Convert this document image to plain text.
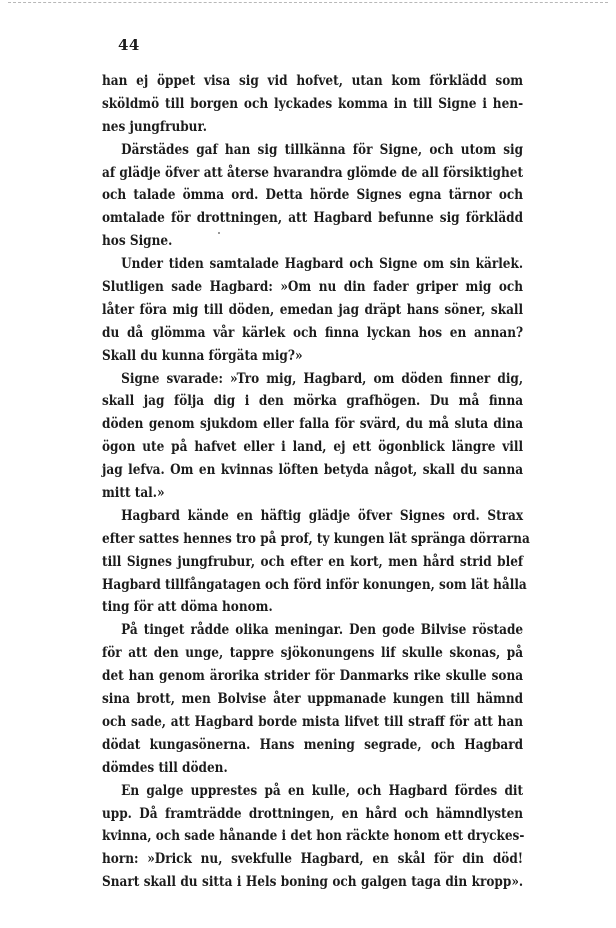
44
han ej öppet visa sig vid hofvet, utan kom förklädd som
sköldmö till borgen och lyckades komma in till Signe i hen-
nes jungfrubur.
Därstädes gaf han sig tillkänna för Signe, och utom sig
af glädje öfver att återse hvarandra glömde de all försiktighet
och talade ömma ord. Detta hörde Signes egna tärnor och
omtalade för drottningen, att Hagbard befunne sig förklädd
hos Signe.
Under tiden samtalade Hagbard och Signe om sin kärlek.
Slutligen sade Hagbard: »Om nu din fader griper mig och
låter föra mig till döden, emedan jag dräpt hans söner, skall
du då glömma vår kärlek och finna lyckan hos en annan?
Skall du kunna förgäta mig?»
Signe svarade: »Tro mig, Hagbard, om döden finner dig,
skall jag följa dig i den mörka grafhögen. Du må finna
döden genom sjukdom eller falla för svärd, du må sluta dina
ögon ute på hafvet eller i land, ej ett ögonblick längre vill
jag lefva. Om en kvinnas löften betyda något, skall du sanna
mitt tal.»
Hagbard kände en häftig glädje öfver Signes ord. Strax
efter sattes hennes tro på prof, ty kungen lät spränga dörrarna
till Signes jungfrubur, och efter en kort, men hård strid blef
Hagbard tillfångatagen och förd inför konungen, som lät hålla
ting för att döma honom.
På tinget rådde olika meningar. Den gode Bilvise röstade
för att den unge, tappre sjökonungens lif skulle skonas, på
det han genom ärorika strider för Danmarks rike skulle sona
sina brott, men Bolvise åter uppmanade kungen till hämnd
och sade, att Hagbard borde mista lifvet till straff för att han
dödat kungasönerna. Hans mening segrade, och Hagbard
dömdes till döden.
En galge upprestes på en kulle, och Hagbard fördes dit
upp. Då framträdde drottningen, en hård och hämndlysten
kvinna, och sade hånande i det hon räckte honom ett dryckes-
horn: »Drick nu, svekfulle Hagbard, en skål för din död!
Snart skall du sitta i Hels boning och galgen taga din kropp».
